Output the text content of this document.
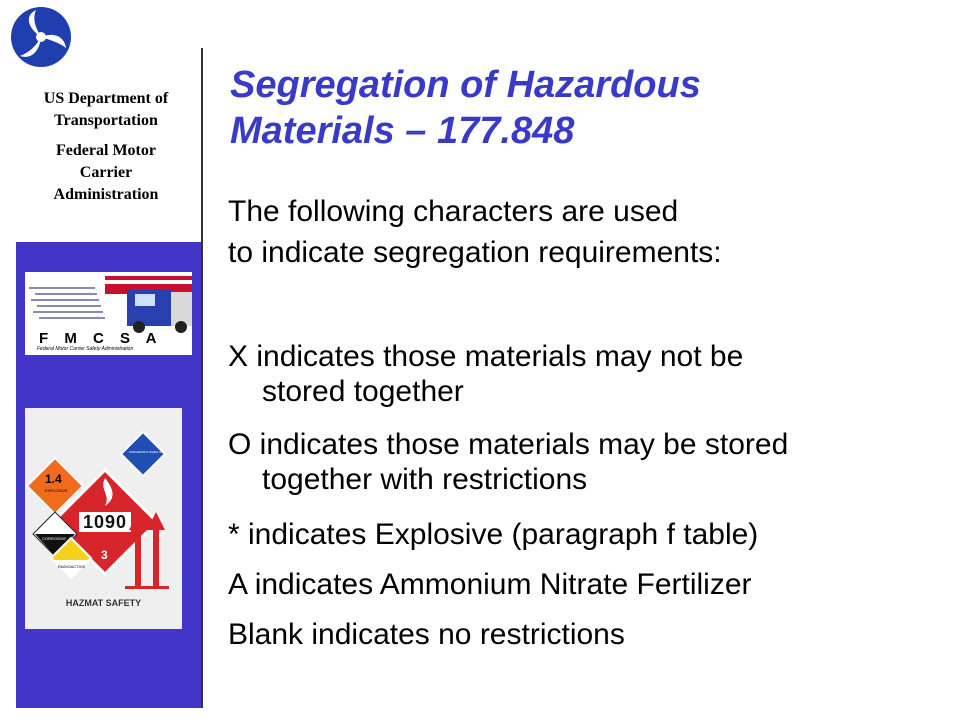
US Department of
Transportation
Federal Motor
Carrier
Administration
F M C S A
Federal Motor Carrier Safety Administration
DANGEROUS WHEN WET
1.4
EXPLOSIVE
1090
3
CORROSIVE
RADIOACTIVE
HAZMAT SAFETY
Segregation of Hazardous
Materials – 177.848
The following characters are used
to indicate segregation requirements:
X indicates those materials may not be
stored together
O indicates those materials may be stored
together with restrictions
* indicates Explosive (paragraph f table)
A indicates Ammonium Nitrate Fertilizer
Blank indicates no restrictions
